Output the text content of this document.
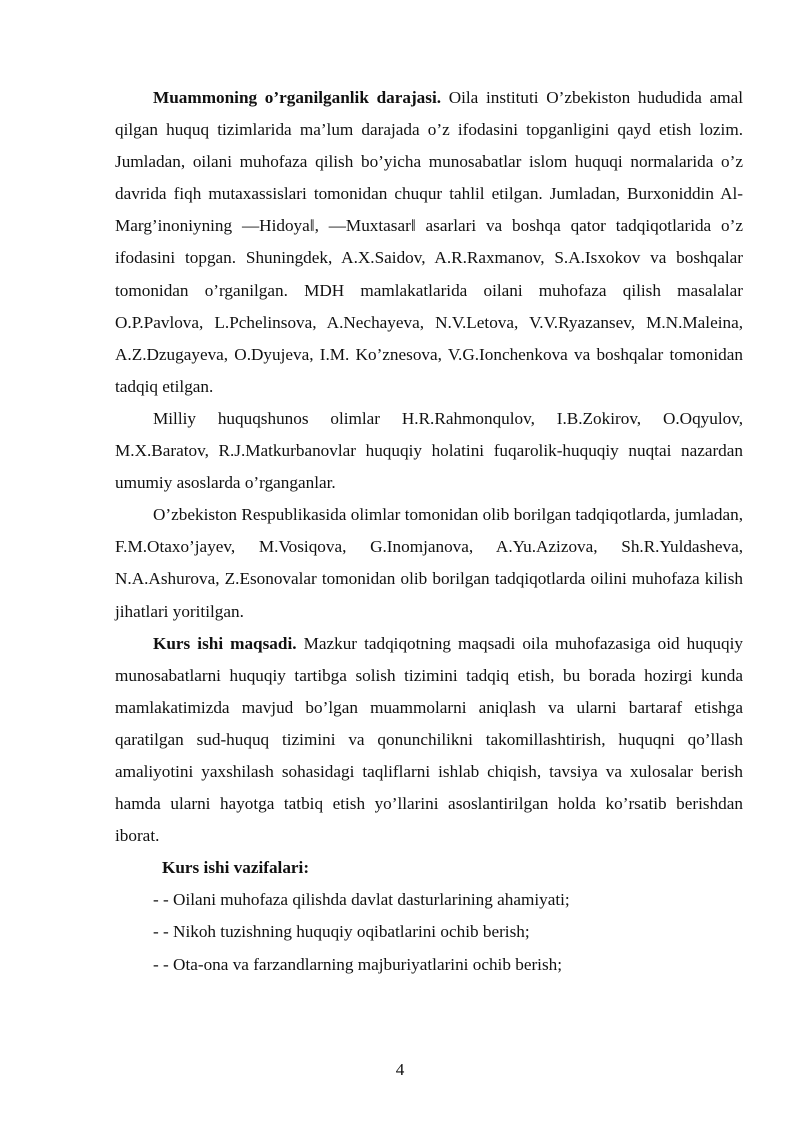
Muammoning o’rganilganlik darajasi. Oila instituti O’zbekiston hududida amal qilgan huquq tizimlarida ma’lum darajada o’z ifodasini topganligini qayd etish lozim. Jumladan, oilani muhofaza qilish bo’yicha munosabatlar islom huquqi normalarida o’z davrida fiqh mutaxassislari tomonidan chuqur tahlil etilgan. Jumladan, Burxoniddin Al-Marg’inoniyning ―Hidoya‖, ―Muxtasar‖ asarlari va boshqa qator tadqiqotlarida o’z ifodasini topgan. Shuningdek, A.X.Saidov, A.R.Raxmanov, S.A.Isxokov va boshqalar tomonidan o’rganilgan. MDH mamlakatlarida oilani muhofaza qilish masalalar O.P.Pavlova, L.Pchelinsova, A.Nechayeva, N.V.Letova, V.V.Ryazansev, M.N.Maleina, A.Z.Dzugayeva, O.Dyujeva, I.M. Ko’znesova, V.G.Ionchenkova va boshqalar tomonidan tadqiq etilgan.

Milliy huquqshunos olimlar H.R.Rahmonqulov, I.B.Zokirov, O.Oqyulov, M.X.Baratov, R.J.Matkurbanovlar huquqiy holatini fuqarolik-huquqiy nuqtai nazardan umumiy asoslarda o’rganganlar.

O’zbekiston Respublikasida olimlar tomonidan olib borilgan tadqiqotlarda, jumladan, F.M.Otaxo’jayev, M.Vosiqova, G.Inomjanova, A.Yu.Azizova, Sh.R.Yuldasheva, N.A.Ashurova, Z.Esonovalar tomonidan olib borilgan tadqiqotlarda oilini muhofaza kilish jihatlari yoritilgan.

Kurs ishi maqsadi. Mazkur tadqiqotning maqsadi oila muhofazasiga oid huquqiy munosabatlarni huquqiy tartibga solish tizimini tadqiq etish, bu borada hozirgi kunda mamlakatimizda mavjud bo’lgan muammolarni aniqlash va ularni bartaraf etishga qaratilgan sud-huquq tizimini va qonunchilikni takomillashtirish, huquqni qo’llash amaliyotini yaxshilash sohasidagi taqliflarni ishlab chiqish, tavsiya va xulosalar berish hamda ularni hayotga tatbiq etish yo’llarini asoslantirilgan holda ko’rsatib berishdan iborat.

Kurs ishi vazifalari:

- - Oilani muhofaza qilishda davlat dasturlarining ahamiyati;

- - Nikoh tuzishning huquqiy oqibatlarini ochib berish;

- - Ota-ona va farzandlarning majburiyatlarini ochib berish;

4
